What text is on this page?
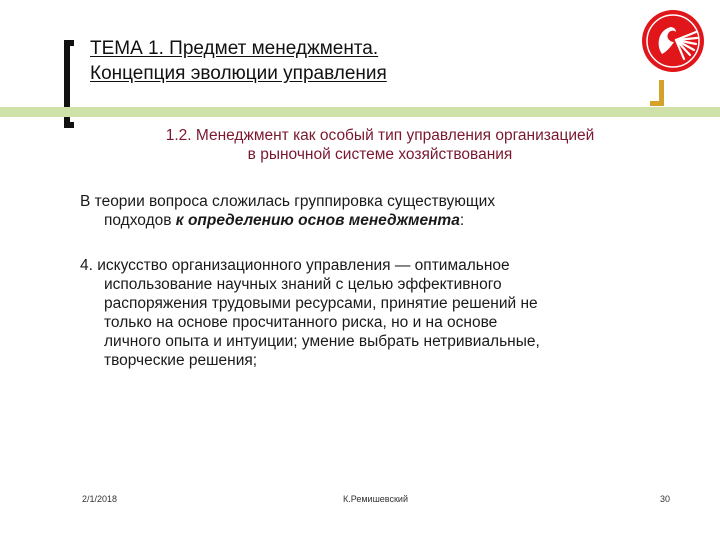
ТЕМА 1. Предмет менеджмента.
Концепция эволюции управления
1.2. Менеджмент как особый тип управления организацией
в рыночной системе хозяйствования
В теории вопроса сложилась группировка существующих
подходов к определению основ менеджмента:
4. искусство организационного управления — оптимальное
использование научных знаний с целью эффективного
распоряжения трудовыми ресурсами, принятие решений не
только на основе просчитанного риска, но и на основе
личного опыта и интуиции; умение выбрать нетривиальные,
творческие решения;
2/1/2018	К.Ремишевский	30
